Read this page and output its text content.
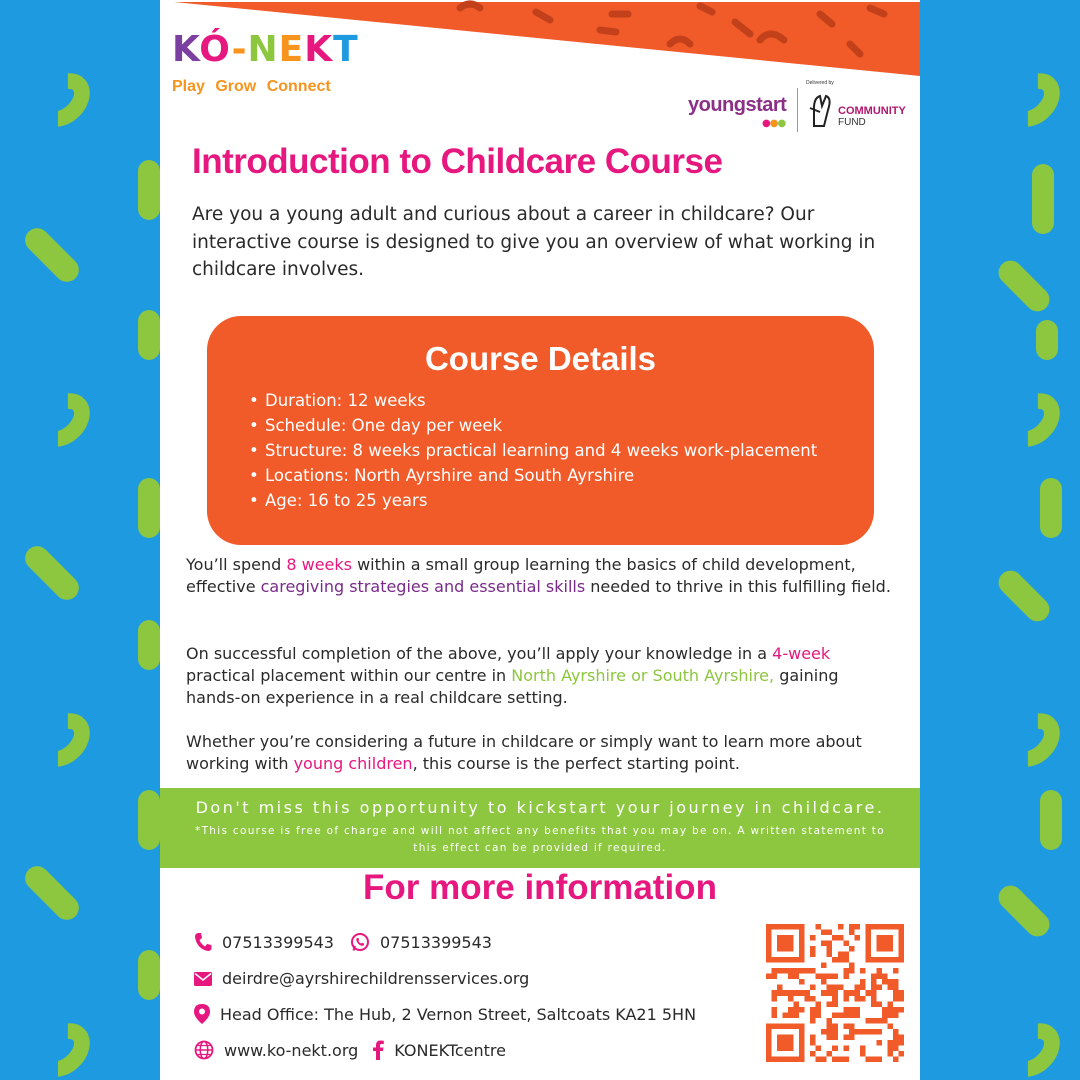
KÓ-NEKT
Play Grow Connect	Delivered by
youngstart
●●●
COMMUNITY
FUND
Introduction to Childcare Course
Are you a young adult and curious about a career in childcare? Our interactive course is designed to give you an overview of what working in childcare involves.
Course Details
• Duration: 12 weeks
• Schedule: One day per week
• Structure: 8 weeks practical learning and 4 weeks work-placement
• Locations: North Ayrshire and South Ayrshire
• Age: 16 to 25 years

You’ll spend 8 weeks within a small group learning the basics of child development, effective caregiving strategies and essential skills needed to thrive in this fulfilling field.

On successful completion of the above, you’ll apply your knowledge in a 4-week practical placement within our centre in North Ayrshire or South Ayrshire, gaining hands-on experience in a real childcare setting.

Whether you’re considering a future in childcare or simply want to learn more about working with young children, this course is the perfect starting point.

Don't miss this opportunity to kickstart your journey in childcare.
*This course is free of charge and will not affect any benefits that you may be on. A written statement to this effect can be provided if required.
For more information
07513399543	07513399543
deirdre@ayrshirechildrensservices.org
Head Office: The Hub, 2 Vernon Street, Saltcoats KA21 5HN
www.ko-nekt.org KONEKTcentre
